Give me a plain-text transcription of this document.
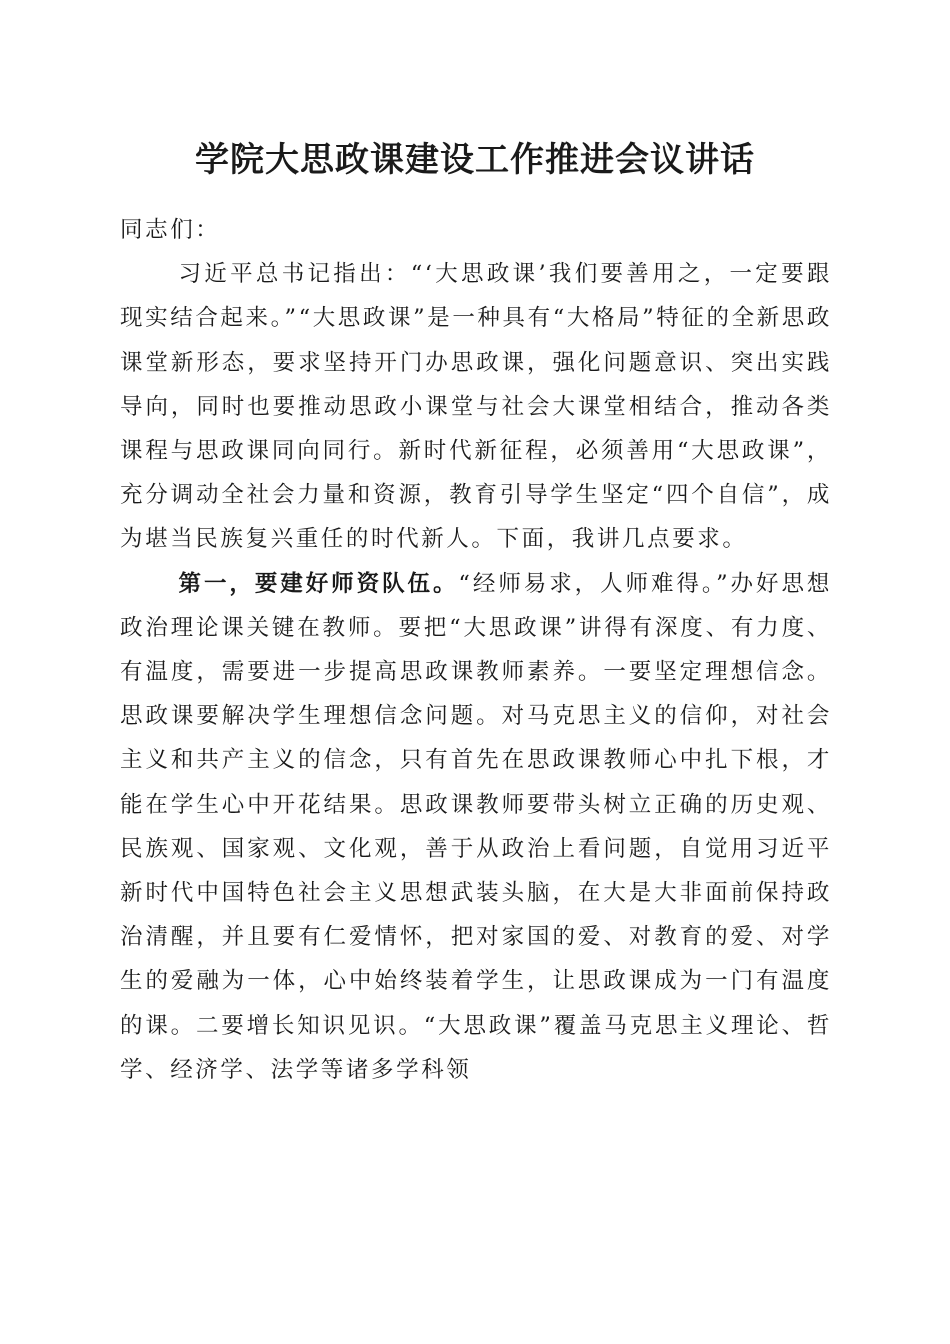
学院大思政课建设工作推进会议讲话

同志们：

习近平总书记指出：“‘大思政课’我们要善用之，一定要跟现实结合起来。”“大思政课”是一种具有“大格局”特征的全新思政课堂新形态，要求坚持开门办思政课，强化问题意识、突出实践导向，同时也要推动思政小课堂与社会大课堂相结合，推动各类课程与思政课同向同行。新时代新征程，必须善用“大思政课”，充分调动全社会力量和资源，教育引导学生坚定“四个自信”，成为堪当民族复兴重任的时代新人。下面，我讲几点要求。

第一，要建好师资队伍。“经师易求，人师难得。”办好思想政治理论课关键在教师。要把“大思政课”讲得有深度、有力度、有温度，需要进一步提高思政课教师素养。一要坚定理想信念。思政课要解决学生理想信念问题。对马克思主义的信仰，对社会主义和共产主义的信念，只有首先在思政课教师心中扎下根，才能在学生心中开花结果。思政课教师要带头树立正确的历史观、民族观、国家观、文化观，善于从政治上看问题，自觉用习近平新时代中国特色社会主义思想武装头脑，在大是大非面前保持政治清醒，并且要有仁爱情怀，把对家国的爱、对教育的爱、对学生的爱融为一体，心中始终装着学生，让思政课成为一门有温度的课。二要增长知识见识。“大思政课”覆盖马克思主义理论、哲学、经济学、法学等诸多学科领
